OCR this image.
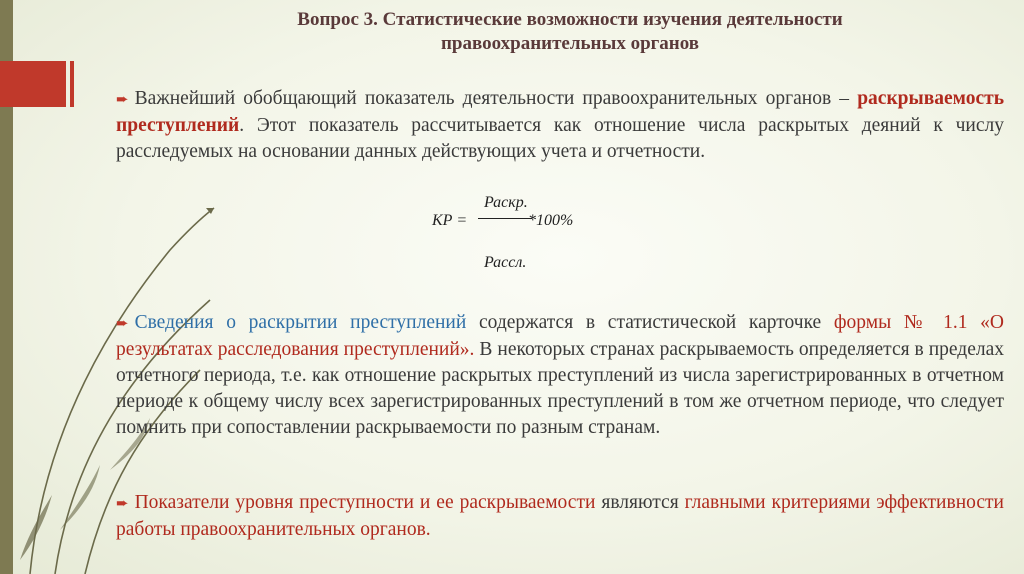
Вопрос 3. Статистические возможности изучения деятельности
правоохранительных органов
➨ Важнейший обобщающий показатель деятельности правоохранительных органов – раскрываемость преступлений. Этот показатель рассчитывается как отношение числа раскрытых деяний к числу расследуемых на основании данных действующих учета и отчетности.
КР =
Раскр.
*100%
Рассл.
➨ Сведения о раскрытии преступлений содержатся в статистической карточке формы № 1.1 «О результатах расследования преступлений». В некоторых странах раскрываемость определяется в пределах отчетного периода, т.е. как отношение раскрытых преступлений из числа зарегистрированных в отчетном периоде к общему числу всех зарегистрированных преступлений в том же отчетном периоде, что следует помнить при сопоставлении раскрываемости по разным странам.
➨ Показатели уровня преступности и ее раскрываемости являются главными критериями эффективности работы правоохранительных органов.
